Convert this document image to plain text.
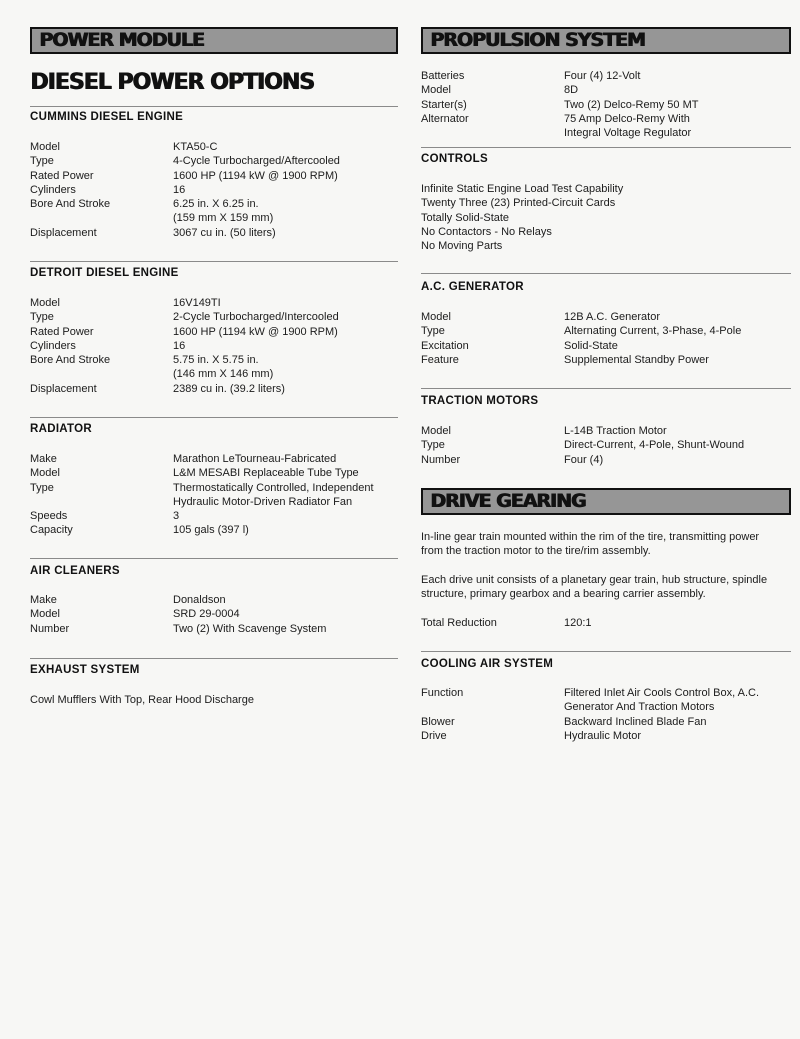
POWER MODULE
DIESEL POWER OPTIONS
CUMMINS DIESEL ENGINE
Model	KTA50-C
Type	4-Cycle Turbocharged/Aftercooled
Rated Power	1600 HP (1194 kW @ 1900 RPM)
Cylinders	16
Bore And Stroke	6.25 in. X 6.25 in.
(159 mm X 159 mm)
Displacement	3067 cu in. (50 liters)
DETROIT DIESEL ENGINE
Model	16V149TI
Type	2-Cycle Turbocharged/Intercooled
Rated Power	1600 HP (1194 kW @ 1900 RPM)
Cylinders	16
Bore And Stroke	5.75 in. X 5.75 in.
(146 mm X 146 mm)
Displacement	2389 cu in. (39.2 liters)
RADIATOR
Make	Marathon LeTourneau-Fabricated
Model	L&M MESABI Replaceable Tube Type
Type	Thermostatically Controlled, Independent
Hydraulic Motor-Driven Radiator Fan
Speeds	3
Capacity	105 gals (397 l)
AIR CLEANERS
Make	Donaldson
Model	SRD 29-0004
Number	Two (2) With Scavenge System
EXHAUST SYSTEM
Cowl Mufflers With Top, Rear Hood Discharge
PROPULSION SYSTEM
Batteries	Four (4) 12-Volt
Model	8D
Starter(s)	Two (2) Delco-Remy 50 MT
Alternator	75 Amp Delco-Remy With
Integral Voltage Regulator
CONTROLS
Infinite Static Engine Load Test Capability
Twenty Three (23) Printed-Circuit Cards
Totally Solid-State
No Contactors - No Relays
No Moving Parts
A.C. GENERATOR
Model	12B A.C. Generator
Type	Alternating Current, 3-Phase, 4-Pole
Excitation	Solid-State
Feature	Supplemental Standby Power
TRACTION MOTORS
Model	L-14B Traction Motor
Type	Direct-Current, 4-Pole, Shunt-Wound
Number	Four (4)
DRIVE GEARING
In-line gear train mounted within the rim of the tire, transmitting power from the traction motor to the tire/rim assembly.
Each drive unit consists of a planetary gear train, hub structure, spindle structure, primary gearbox and a bearing carrier assembly.
Total Reduction	120:1
COOLING AIR SYSTEM
Function	Filtered Inlet Air Cools Control Box, A.C.
Generator And Traction Motors
Blower	Backward Inclined Blade Fan
Drive	Hydraulic Motor
